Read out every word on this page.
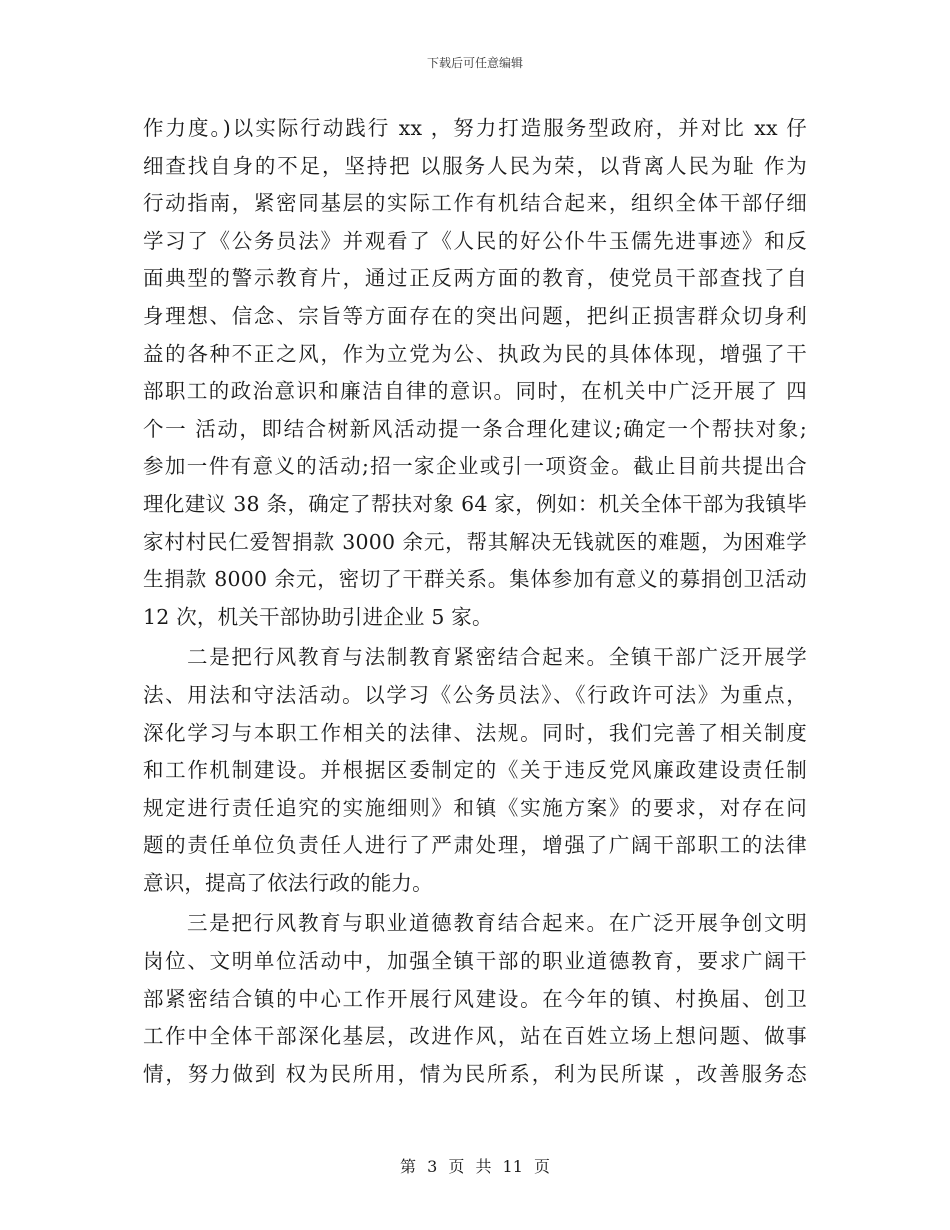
下载后可任意编辑
作力度。)以实际行动践行 xx ，努力打造服务型政府，并对比 xx 仔
细查找自身的不足，坚持把 以服务人民为荣，以背离人民为耻 作为
行动指南，紧密同基层的实际工作有机结合起来，组织全体干部仔细
学习了《公务员法》并观看了《人民的好公仆牛玉儒先进事迹》和反
面典型的警示教育片，通过正反两方面的教育，使党员干部查找了自
身理想、信念、宗旨等方面存在的突出问题，把纠正损害群众切身利
益的各种不正之风，作为立党为公、执政为民的具体体现，增强了干
部职工的政治意识和廉洁自律的意识。同时，在机关中广泛开展了 四
个一 活动，即结合树新风活动提一条合理化建议;确定一个帮扶对象;
参加一件有意义的活动;招一家企业或引一项资金。截止目前共提出合
理化建议 38 条，确定了帮扶对象 64 家，例如：机关全体干部为我镇毕
家村村民仁爱智捐款 3000 余元，帮其解决无钱就医的难题，为困难学
生捐款 8000 余元，密切了干群关系。集体参加有意义的募捐创卫活动
12 次，机关干部协助引进企业 5 家。
二是把行风教育与法制教育紧密结合起来。全镇干部广泛开展学
法、用法和守法活动。以学习《公务员法》、《行政许可法》为重点，
深化学习与本职工作相关的法律、法规。同时，我们完善了相关制度
和工作机制建设。并根据区委制定的《关于违反党风廉政建设责任制
规定进行责任追究的实施细则》和镇《实施方案》的要求，对存在问
题的责任单位负责任人进行了严肃处理，增强了广阔干部职工的法律
意识，提高了依法行政的能力。
三是把行风教育与职业道德教育结合起来。在广泛开展争创文明
岗位、文明单位活动中，加强全镇干部的职业道德教育，要求广阔干
部紧密结合镇的中心工作开展行风建设。在今年的镇、村换届、创卫
工作中全体干部深化基层，改进作风，站在百姓立场上想问题、做事
情，努力做到 权为民所用，情为民所系，利为民所谋 ，改善服务态
第 3 页 共 11 页
